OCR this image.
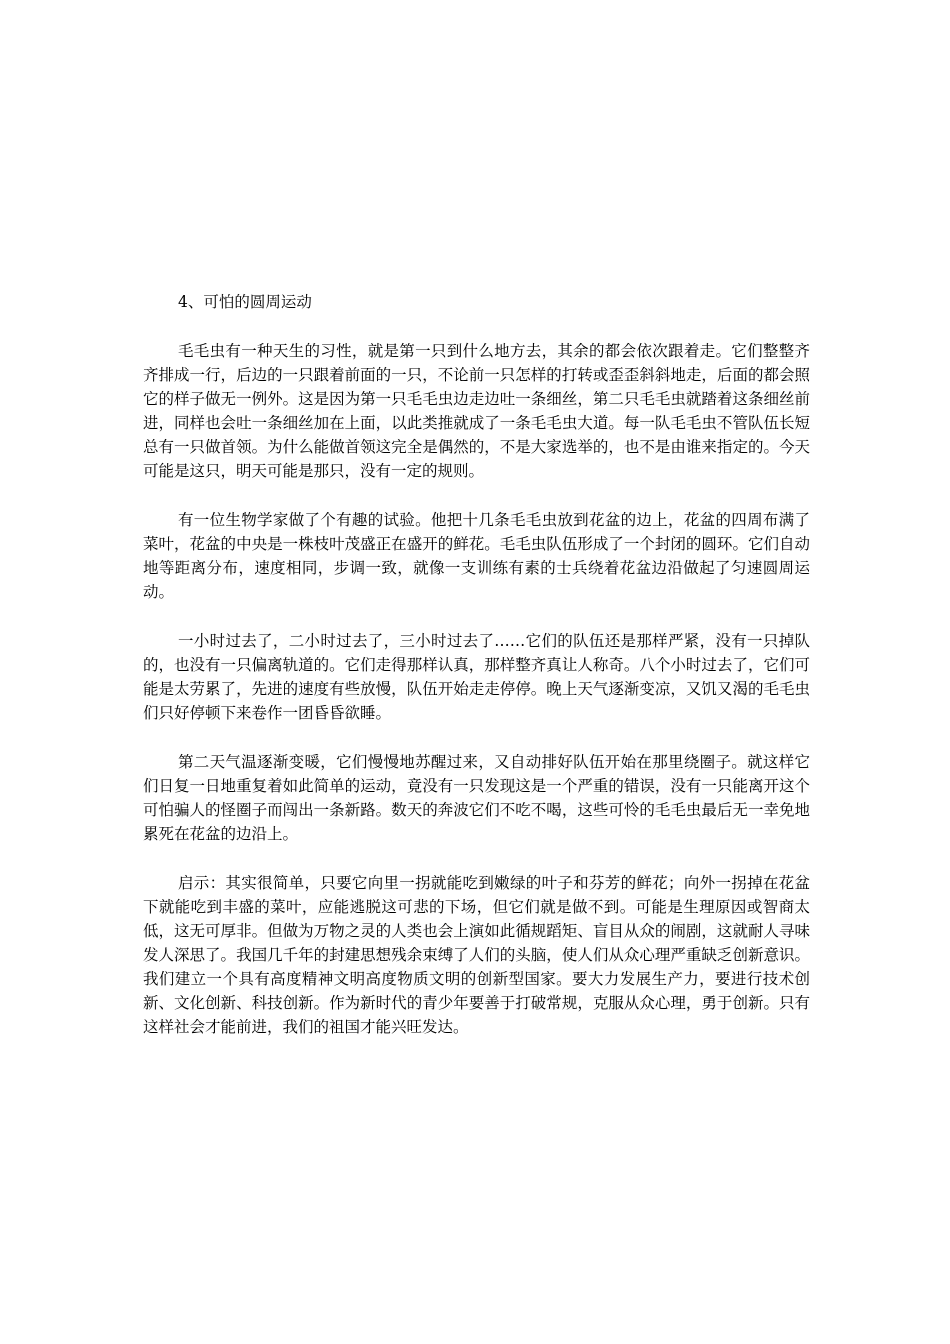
4、可怕的圆周运动

毛毛虫有一种天生的习性，就是第一只到什么地方去，其余的都会依次跟着走。它们整整齐齐排成一行，后边的一只跟着前面的一只，不论前一只怎样的打转或歪歪斜斜地走，后面的都会照它的样子做无一例外。这是因为第一只毛毛虫边走边吐一条细丝，第二只毛毛虫就踏着这条细丝前进，同样也会吐一条细丝加在上面，以此类推就成了一条毛毛虫大道。每一队毛毛虫不管队伍长短总有一只做首领。为什么能做首领这完全是偶然的，不是大家选举的，也不是由谁来指定的。今天可能是这只，明天可能是那只，没有一定的规则。

有一位生物学家做了个有趣的试验。他把十几条毛毛虫放到花盆的边上，花盆的四周布满了菜叶，花盆的中央是一株枝叶茂盛正在盛开的鲜花。毛毛虫队伍形成了一个封闭的圆环。它们自动地等距离分布，速度相同，步调一致，就像一支训练有素的士兵绕着花盆边沿做起了匀速圆周运动。

一小时过去了，二小时过去了，三小时过去了……它们的队伍还是那样严紧，没有一只掉队的，也没有一只偏离轨道的。它们走得那样认真，那样整齐真让人称奇。八个小时过去了，它们可能是太劳累了，先进的速度有些放慢，队伍开始走走停停。晚上天气逐渐变凉，又饥又渴的毛毛虫们只好停顿下来卷作一团昏昏欲睡。

第二天气温逐渐变暖，它们慢慢地苏醒过来，又自动排好队伍开始在那里绕圈子。就这样它们日复一日地重复着如此简单的运动，竟没有一只发现这是一个严重的错误，没有一只能离开这个可怕骗人的怪圈子而闯出一条新路。数天的奔波它们不吃不喝，这些可怜的毛毛虫最后无一幸免地累死在花盆的边沿上。

启示：其实很简单，只要它向里一拐就能吃到嫩绿的叶子和芬芳的鲜花；向外一拐掉在花盆下就能吃到丰盛的菜叶，应能逃脱这可悲的下场，但它们就是做不到。可能是生理原因或智商太低，这无可厚非。但做为万物之灵的人类也会上演如此循规蹈矩、盲目从众的闹剧，这就耐人寻味发人深思了。我国几千年的封建思想残余束缚了人们的头脑，使人们从众心理严重缺乏创新意识。我们建立一个具有高度精神文明高度物质文明的创新型国家。要大力发展生产力，要进行技术创新、文化创新、科技创新。作为新时代的青少年要善于打破常规，克服从众心理，勇于创新。只有这样社会才能前进，我们的祖国才能兴旺发达。
